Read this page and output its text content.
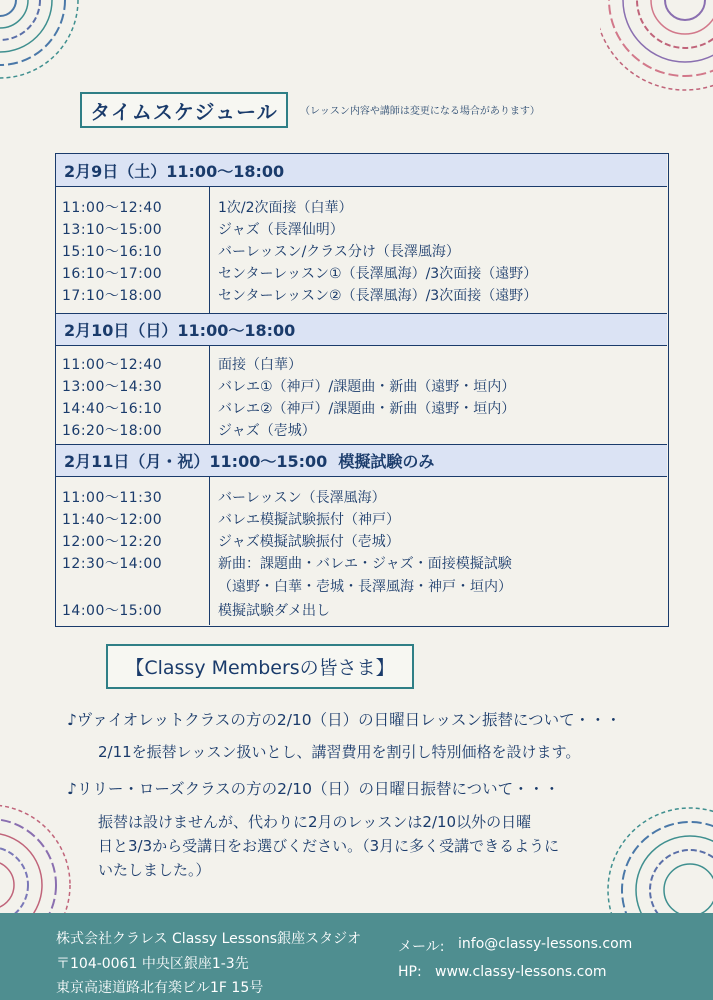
タイムスケジュール （レッスン内容や講師は変更になる場合があります）
2月9日（土）11:00～18:00
11:00～12:40	1次/2次面接（白華）
13:10～15:00	ジャズ（長澤仙明）
15:10～16:10	バーレッスン/クラス分け（長澤風海）
16:10～17:00	センターレッスン①（長澤風海）/3次面接（遠野）
17:10～18:00	センターレッスン②（長澤風海）/3次面接（遠野）
2月10日（日）11:00～18:00
11:00～12:40	面接（白華）
13:00～14:30	バレエ①（神戸）/課題曲・新曲（遠野・垣内）
14:40～16:10	バレエ②（神戸）/課題曲・新曲（遠野・垣内）
16:20～18:00	ジャズ（壱城）
2月11日（月・祝）11:00～15:00  模擬試験のみ
11:00～11:30	バーレッスン（長澤風海）
11:40～12:00	バレエ模擬試験振付（神戸）
12:00～12:20	ジャズ模擬試験振付（壱城）
12:30～14:00	新曲：課題曲・バレエ・ジャズ・面接模擬試験
（遠野・白華・壱城・長澤風海・神戸・垣内）
14:00～15:00	模擬試験ダメ出し
【Classy Membersの皆さま】
♪ヴァイオレットクラスの方の2/10（日）の日曜日レッスン振替について・・・
2/11を振替レッスン扱いとし、講習費用を割引し特別価格を設けます。
♪リリー・ローズクラスの方の2/10（日）の日曜日振替について・・・
振替は設けませんが、代わりに2月のレッスンは2/10以外の日曜
日と3/3から受講日をお選びください。（3月に多く受講できるように
いたしました。）
株式会社クラレス Classy Lessons銀座スタジオ
〒104-0061 中央区銀座1-3先
東京高速道路北有楽ビル1F 15号
メール: info@classy-lessons.com
HP: www.classy-lessons.com
